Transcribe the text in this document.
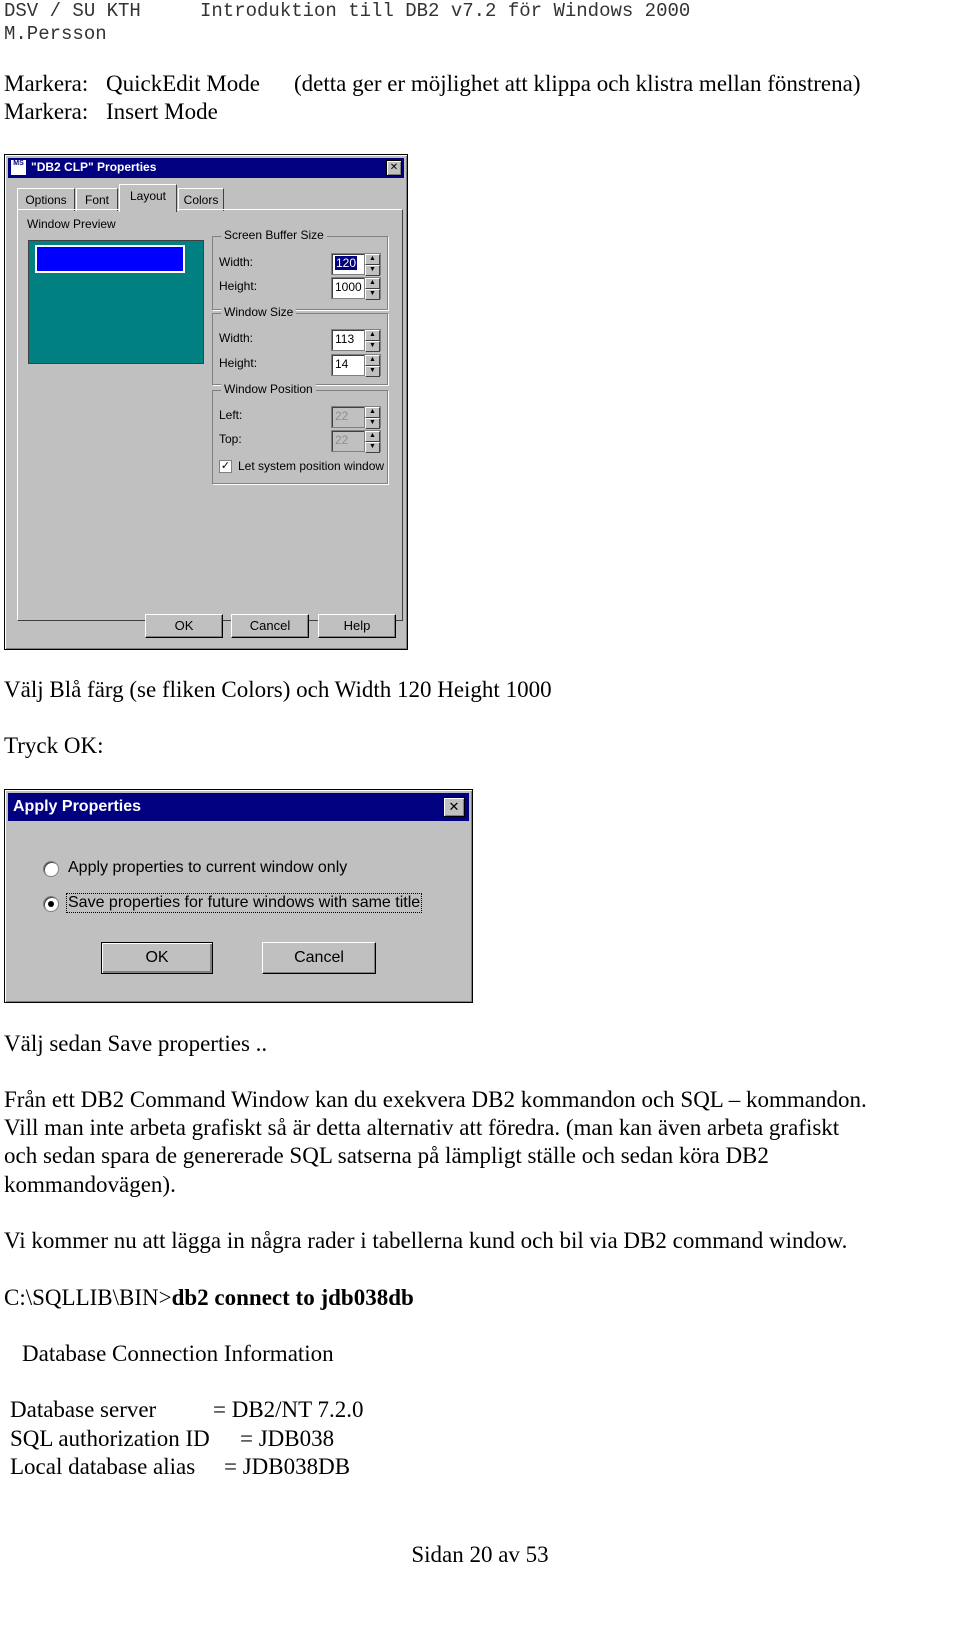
DSV / SU KTH	Introduktion till DB2 v7.2 för Windows 2000
M.Persson
Markera: QuickEdit Mode (detta ger er möjlighet att klippa och klistra mellan fönstrena)
Markera: Insert Mode
MS "DB2 CLP" Properties	✕
Options	Font	Layout	Colors
Window Preview
Screen Buffer Size
Width:	120	▲
▼
Height:	1000	▲
▼
Window Size
Width:	113	▲
▼
Height:	14	▲
▼
Window Position
Left:	22	▲
▼
Top:	22	▲
▼
✓ Let system position window
OK	Cancel	Help
Välj Blå färg (se fliken Colors) och Width 120 Height 1000
Tryck OK:
Apply Properties	✕
Apply properties to current window only
Save properties for future windows with same title
OK	Cancel
Välj sedan Save properties ..
Från ett DB2 Command Window kan du exekvera DB2 kommandon och SQL – kommandon.
Vill man inte arbeta grafiskt så är detta alternativ att föredra. (man kan även arbeta grafiskt
och sedan spara de genererade SQL satserna på lämpligt ställe och sedan köra DB2
kommandovägen).
Vi kommer nu att lägga in några rader i tabellerna kund och bil via DB2 command window.
C:\SQLLIB\BIN>db2 connect to jdb038db
Database Connection Information
Database server = DB2/NT 7.2.0
SQL authorization ID = JDB038
Local database alias = JDB038DB
Sidan 20 av 53
